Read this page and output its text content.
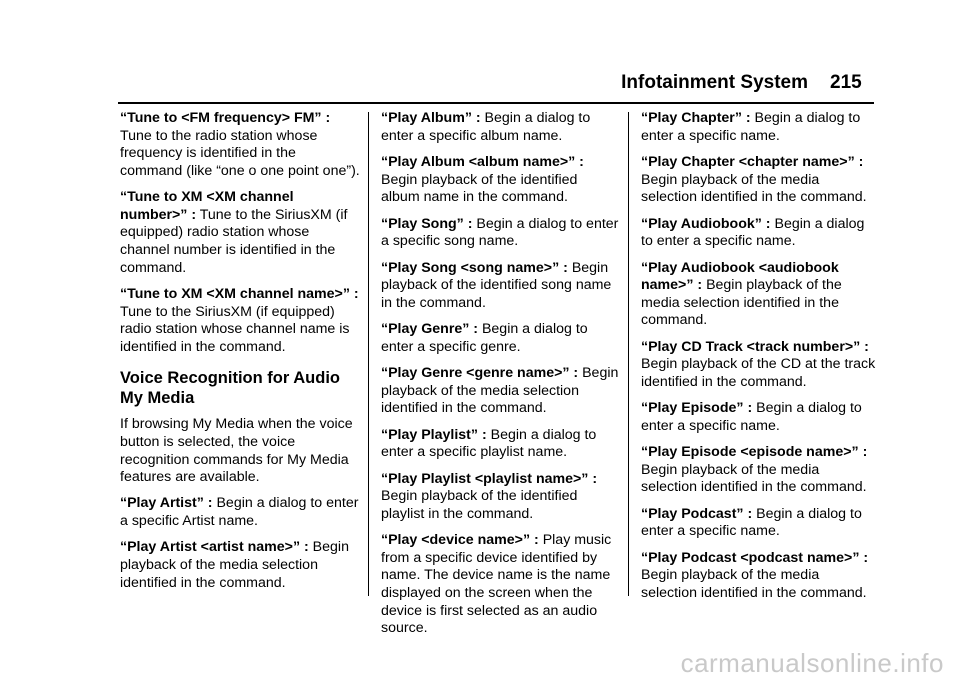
Infotainment System 215
“Tune to <FM frequency> FM” :
Tune to the radio station whose frequency is identified in the command (like “one o one point one”).
“Tune to XM <XM channel number>” : Tune to the SiriusXM (if equipped) radio station whose channel number is identified in the command.
“Tune to XM <XM channel name>” : Tune to the SiriusXM (if equipped) radio station whose channel name is identified in the command.
Voice Recognition for Audio My Media
If browsing My Media when the voice button is selected, the voice recognition commands for My Media features are available.
“Play Artist” : Begin a dialog to enter a specific Artist name.
“Play Artist <artist name>” : Begin playback of the media selection identified in the command.
“Play Album” : Begin a dialog to enter a specific album name.
“Play Album <album name>” : Begin playback of the identified album name in the command.
“Play Song” : Begin a dialog to enter a specific song name.
“Play Song <song name>” : Begin playback of the identified song name in the command.
“Play Genre” : Begin a dialog to enter a specific genre.
“Play Genre <genre name>” : Begin playback of the media selection identified in the command.
“Play Playlist” : Begin a dialog to enter a specific playlist name.
“Play Playlist <playlist name>” : Begin playback of the identified playlist in the command.
“Play <device name>” : Play music from a specific device identified by name. The device name is the name displayed on the screen when the device is first selected as an audio source.
“Play Chapter” : Begin a dialog to enter a specific name.
“Play Chapter <chapter name>” : Begin playback of the media selection identified in the command.
“Play Audiobook” : Begin a dialog to enter a specific name.
“Play Audiobook <audiobook name>” : Begin playback of the media selection identified in the command.
“Play CD Track <track number>” : Begin playback of the CD at the track identified in the command.
“Play Episode” : Begin a dialog to enter a specific name.
“Play Episode <episode name>” : Begin playback of the media selection identified in the command.
“Play Podcast” : Begin a dialog to enter a specific name.
“Play Podcast <podcast name>” : Begin playback of the media selection identified in the command.
carmanualsonline.info
